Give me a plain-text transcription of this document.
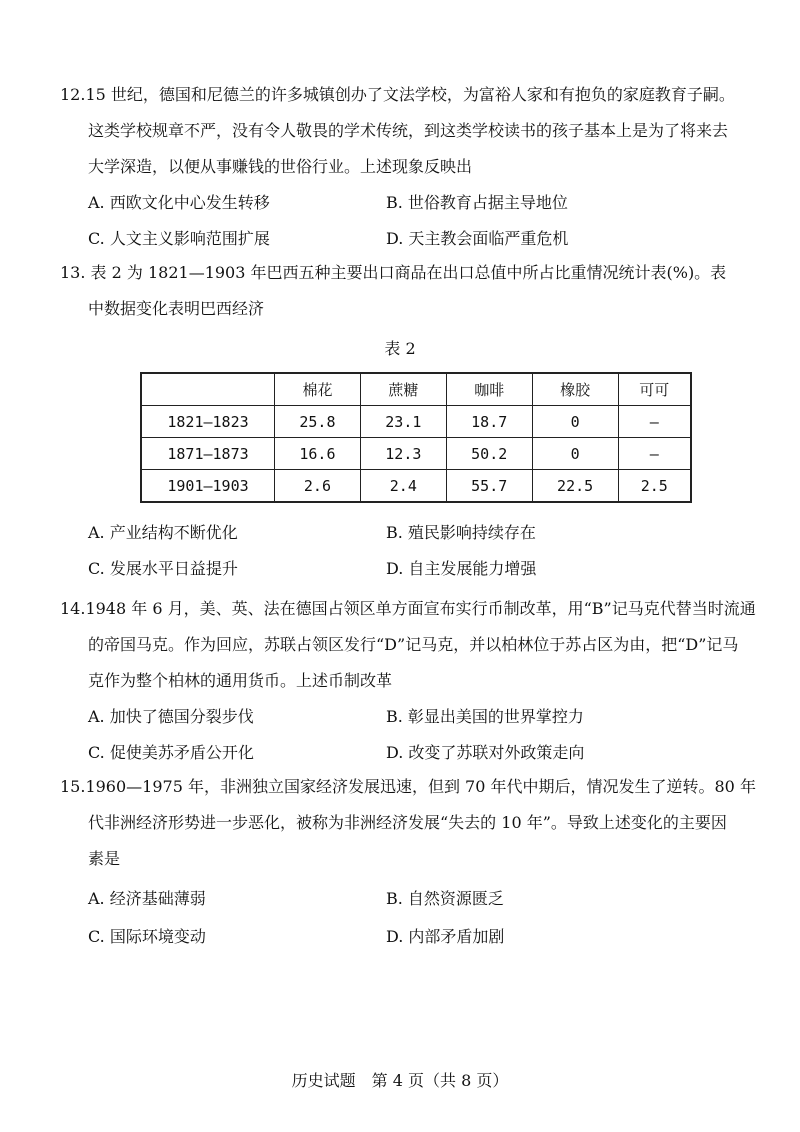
12.15 世纪，德国和尼德兰的许多城镇创办了文法学校，为富裕人家和有抱负的家庭教育子嗣。
这类学校规章不严，没有令人敬畏的学术传统，到这类学校读书的孩子基本上是为了将来去
大学深造，以便从事赚钱的世俗行业。上述现象反映出
A. 西欧文化中心发生转移	B. 世俗教育占据主导地位
C. 人文主义影响范围扩展	D. 天主教会面临严重危机
13. 表 2 为 1821—1903 年巴西五种主要出口商品在出口总值中所占比重情况统计表(%)。表
中数据变化表明巴西经济
表 2
	棉花	蔗糖	咖啡	橡胶	可可
1821—1823	25.8	23.1	18.7	0	—
1871—1873	16.6	12.3	50.2	0	—
1901—1903	2.6	2.4	55.7	22.5	2.5
A. 产业结构不断优化	B. 殖民影响持续存在
C. 发展水平日益提升	D. 自主发展能力增强
14.1948 年 6 月，美、英、法在德国占领区单方面宣布实行币制改革，用“B”记马克代替当时流通
的帝国马克。作为回应，苏联占领区发行“D”记马克，并以柏林位于苏占区为由，把“D”记马
克作为整个柏林的通用货币。上述币制改革
A. 加快了德国分裂步伐	B. 彰显出美国的世界掌控力
C. 促使美苏矛盾公开化	D. 改变了苏联对外政策走向
15.1960—1975 年，非洲独立国家经济发展迅速，但到 70 年代中期后，情况发生了逆转。80 年
代非洲经济形势进一步恶化，被称为非洲经济发展“失去的 10 年”。导致上述变化的主要因
素是
A. 经济基础薄弱	B. 自然资源匮乏
C. 国际环境变动	D. 内部矛盾加剧
历史试题　第 4 页（共 8 页）
